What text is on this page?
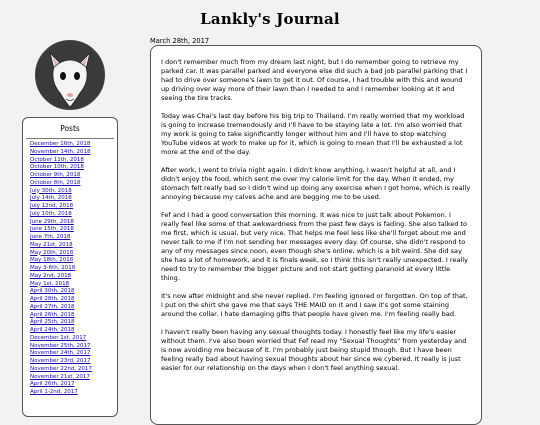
Lankly's Journal
Posts
December 16th, 2018
November 14th, 2018
October 11th, 2018
October 10th, 2018
October 9th, 2018
October 8th, 2018
July 30th, 2018
July 14th, 2018
July 12nd, 2018
July 10th, 2018
June 29th, 2018
June 15th, 2018
June 7th, 2018
May 21st, 2018
May 20th, 2018
May 18th, 2018
May 3-6th, 2018
May 2nd, 2018
May 1st, 2018
April 30th, 2018
April 28th, 2018
April 27th, 2018
April 26th, 2018
April 25th, 2018
April 24th, 2018
December 1st, 2017
November 25th, 2017
November 24th, 2017
November 23rd, 2017
November 22nd, 2017
November 21st, 2017
April 26th, 2017
April 1-2nd, 2017
March 28th, 2017

I don't remember much from my dream last night, but I do remember going to retrieve my parked car. It was parallel parked and everyone else did such a bad job parallel parking that I had to drive over someone's lawn to get it out. Of course, I had trouble with this and wound up driving over way more of their lawn than I needed to and I remember looking at it and seeing the tire tracks.

Today was Chai's last day before his big trip to Thailand. I'm really worried that my workload is going to increase tremendously and I'll have to be staying late a lot. I'm also worried that my work is going to take significantly longer without him and I'll have to stop watching YouTube videos at work to make up for it, which is going to mean that I'll be exhausted a lot more at the end of the day.

After work, I went to trivia night again. I didn't know anything, I wasn't helpful at all, and I didn't enjoy the food, which sent me over my calorie limit for the day. When it ended, my stomach felt really bad so I didn't wind up doing any exercise when I got home, which is really annoying because my calves ache and are begging me to be used.

Fef and I had a good conversation this morning. It was nice to just talk about Pokemon. I really feel like some of that awkwardness from the past few days is fading. She also talked to me first, which is usual, but very nice. That helps me feel less like she'll forget about me and never talk to me if I'm not sending her messages every day. Of course, she didn't respond to any of my messages since noon, even though she's online, which is a bit weird. She did say she has a lot of homework, and it is finals week, so I think this isn't really unexpected. I really need to try to remember the bigger picture and not start getting paranoid at every little thing.

It's now after midnight and she never replied. I'm feeling ignored or forgotten. On top of that, I put on the shirt she gave me that says THE MAID on it and I saw it's got some staining around the collar. I hate damaging gifts that people have given me. I'm feeling really bad.

I haven't really been having any sexual thoughts today. I honestly feel like my life's easier without them. I've also been worried that Fef read my "Sexual Thoughts" from yesterday and is now avoiding me because of it. I'm probably just being stupid though. But I have been feeling really bad about having sexual thoughts about her since we cybered. It really is just easier for our relationship on the days when I don't feel anything sexual.
